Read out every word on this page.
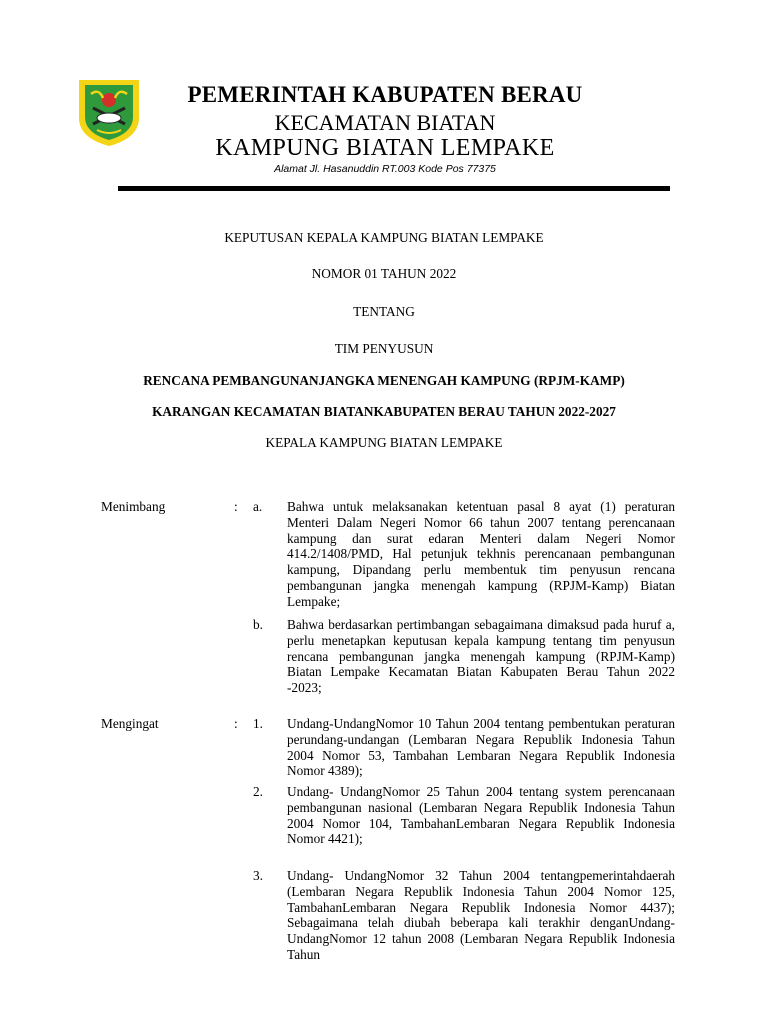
PEMERINTAH KABUPATEN BERAU
KECAMATAN BIATAN
KAMPUNG BIATAN LEMPAKE
Alamat Jl. Hasanuddin RT.003 Kode Pos 77375
KEPUTUSAN KEPALA KAMPUNG BIATAN LEMPAKE
NOMOR 01 TAHUN 2022
TENTANG
TIM PENYUSUN
RENCANA PEMBANGUNANJANGKA MENENGAH KAMPUNG (RPJM-KAMP)
KARANGAN KECAMATAN BIATANKABUPATEN BERAU TAHUN 2022-2027
KEPALA KAMPUNG BIATAN LEMPAKE
Menimbang	: a. Bahwa untuk melaksanakan ketentuan pasal 8 ayat (1) peraturan Menteri Dalam Negeri Nomor 66 tahun 2007 tentang perencanaan kampung dan surat edaran Menteri dalam Negeri Nomor 414.2/1408/PMD, Hal petunjuk tekhnis perencanaan pembangunan kampung, Dipandang perlu membentuk tim penyusun rencana pembangunan jangka menengah kampung (RPJM-Kamp) Biatan Lempake;
b. Bahwa berdasarkan pertimbangan sebagaimana dimaksud pada huruf a, perlu menetapkan keputusan kepala kampung tentang tim penyusun rencana pembangunan jangka menengah kampung (RPJM-Kamp) Biatan Lempake Kecamatan Biatan Kabupaten Berau Tahun 2022 -2023;
Mengingat	: 1. Undang-UndangNomor 10 Tahun 2004 tentang pembentukan peraturan perundang-undangan (Lembaran Negara Republik Indonesia Tahun 2004 Nomor 53, Tambahan Lembaran Negara Republik Indonesia Nomor 4389);
2. Undang- UndangNomor 25 Tahun 2004 tentang system perencanaan pembangunan nasional (Lembaran Negara Republik Indonesia Tahun 2004 Nomor 104, TambahanLembaran Negara Republik Indonesia Nomor 4421);
3. Undang- UndangNomor 32 Tahun 2004 tentangpemerintahdaerah (Lembaran Negara Republik Indonesia Tahun 2004 Nomor 125, TambahanLembaran Negara Republik Indonesia Nomor 4437); Sebagaimana telah diubah beberapa kali terakhir denganUndang-UndangNomor 12 tahun 2008 (Lembaran Negara Republik Indonesia Tahun
